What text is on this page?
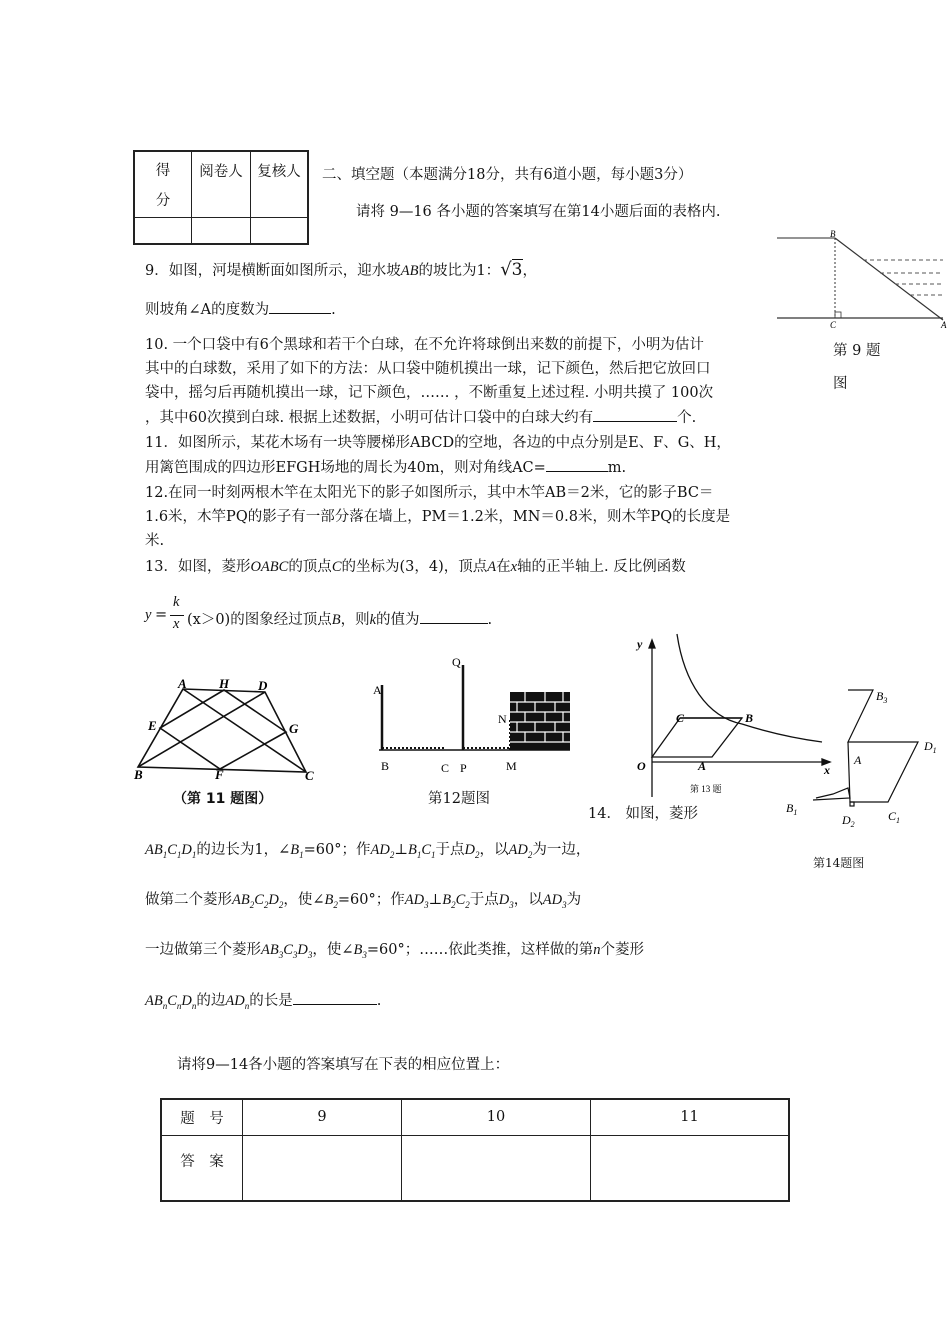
得
分	阅卷人	复核人
		二、填空题（本题满分18分，共有6道小题，每小题3分）
请将 9—16 各小题的答案填写在第14小题后面的表格内.
9．如图，河堤横断面如图所示，迎水坡AB的坡比为1：√3，
则坡角∠A的度数为	.
B
C	A
第 9 题
图
10. 一个口袋中有6个黑球和若干个白球，在不允许将球倒出来数的前提下，小明为估计
其中的白球数，采用了如下的方法：从口袋中随机摸出一球，记下颜色，然后把它放回口
袋中，摇匀后再随机摸出一球，记下颜色，…… ，不断重复上述过程. 小明共摸了 100次
，其中60次摸到白球. 根据上述数据，小明可估计口袋中的白球大约有	个.
11．如图所示，某花木场有一块等腰梯形ABCD的空地，各边的中点分别是E、F、G、H，
用篱笆围成的四边形EFGH场地的周长为40m，则对角线AC=	m.
12.在同一时刻两根木竿在太阳光下的影子如图所示，其中木竿AB＝2米，它的影子BC＝
1.6米，木竿PQ的影子有一部分落在墙上，PM＝1.2米，MN＝0.8米，则木竿PQ的长度是
米.
13．如图，菱形OABC的顶点C的坐标为(3，4)，顶点A在x轴的正半轴上. 反比例函数
y =
k
x (x＞0)的图象经过顶点B，则k的值为	.
A H D
E	G
B	F	C
（第 11 题图）
A
Q
N
B	C P	M
第12题图
y
x
O	A
C	B
第 13 题
$B_3$
A
$D_1$
$B_1$
$D_2$
$C_1$
第14题图
14． 如图，菱形
$AB_1C_1D_1$的边长为1，$\angle B_1=60^\circ$；作$AD_2\perp B_1C_1$于点$D_2$，以$AD_2$为一边，
做第二个菱形$AB_2C_2D_2$，使$\angle B_2=60^\circ$；作$AD_3\perp B_2C_2$于点$D_3$，以$AD_3$为
一边做第三个菱形$AB_3C_3D_3$，使$\angle B_3=60^\circ$；……依此类推，这样做的第n个菱形
$AB_nC_nD_n$的边$AD_n$的长是	.
请将9—14各小题的答案填写在下表的相应位置上：
题　号	9	10	11
答　案			
